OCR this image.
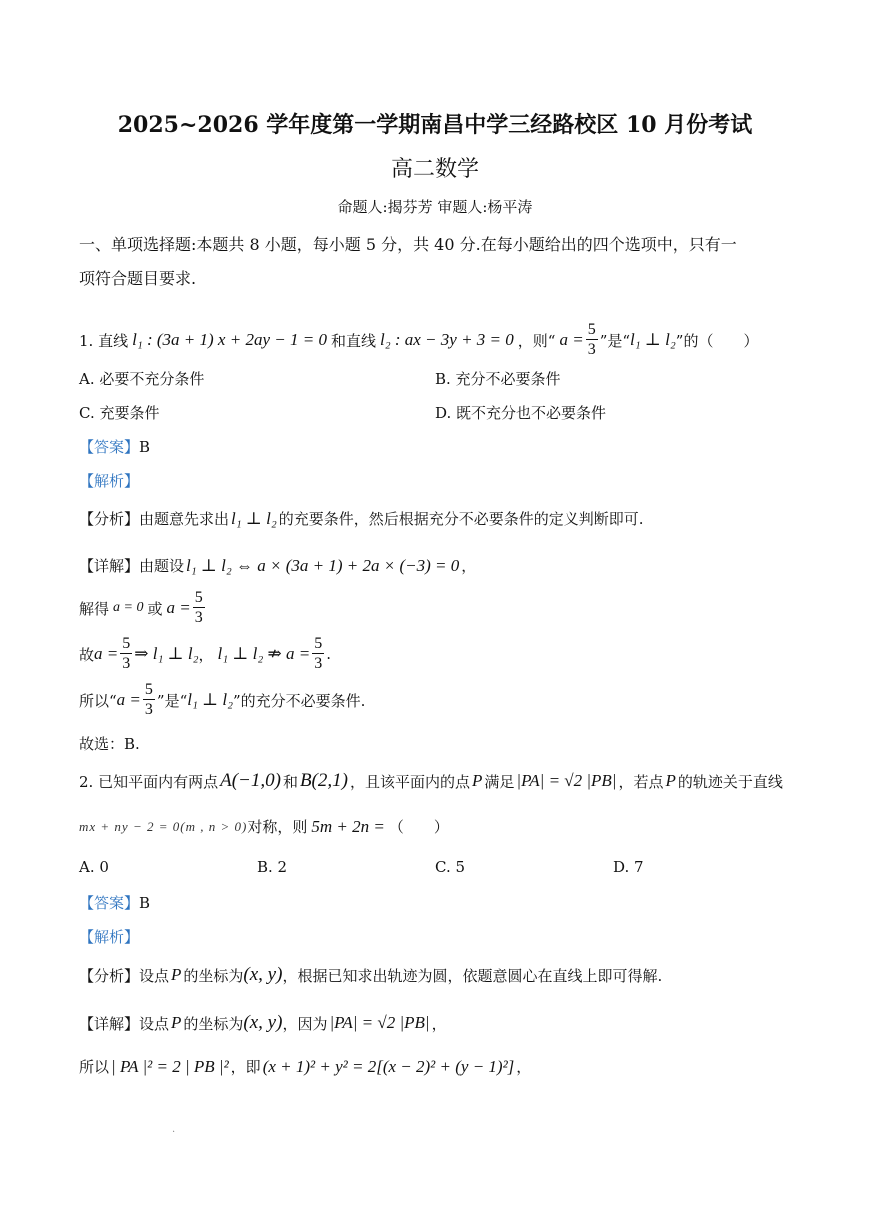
2025~2026 学年度第一学期南昌中学三经路校区 10 月份考试
高二数学
命题人:揭芬芳 审题人:杨平涛
一、单项选择题:本题共 8 小题，每小题 5 分，共 40 分.在每小题给出的四个选项中，只有一
项符合题目要求.
1. 直线 l₁ : (3a + 1) x + 2ay − 1 = 0 和直线 l₂ : ax − 3y + 3 = 0 ，则“ $a = \frac{5}{3}$ ”是“ l₁ ⊥ l₂ ”的（　　）
A. 必要不充分条件	B. 充分不必要条件
C. 充要条件	D. 既不充分也不必要条件
【答案】B
【解析】
【分析】由题意先求出 l₁ ⊥ l₂ 的充要条件，然后根据充分不必要条件的定义判断即可.
【详解】由题设 l₁ ⊥ l₂ ⇔ a × (3a + 1) + 2a × (−3) = 0 ，
解得 a = 0 或 $a = \frac{5}{3}$
故 $a = \frac{5}{3}$ ⇒ l₁ ⊥ l₂ ， l₁ ⊥ l₂ ⇏ $a = \frac{5}{3}$ .
所以“ $a = \frac{5}{3}$ ”是“ l₁ ⊥ l₂ ”的充分不必要条件.
故选：B.
2. 已知平面内有两点 A(−1,0) 和 B(2,1) ，且该平面内的点 P 满足 |PA| = √2 |PB| ，若点 P 的轨迹关于直线
mx + ny − 2 = 0(m , n > 0) 对称，则 5m + 2n = （　　）
A. 0	B. 2	C. 5	D. 7
【答案】B
【解析】
【分析】设点 P 的坐标为 (x, y) ，根据已知求出轨迹为圆，依题意圆心在直线上即可得解.
【详解】设点 P 的坐标为 (x, y) ，因为 |PA| = √2 |PB| ，
所以 | PA |² = 2 | PB |² ，即 (x + 1)² + y² = 2[(x − 2)² + (y − 1)²] ，
.
